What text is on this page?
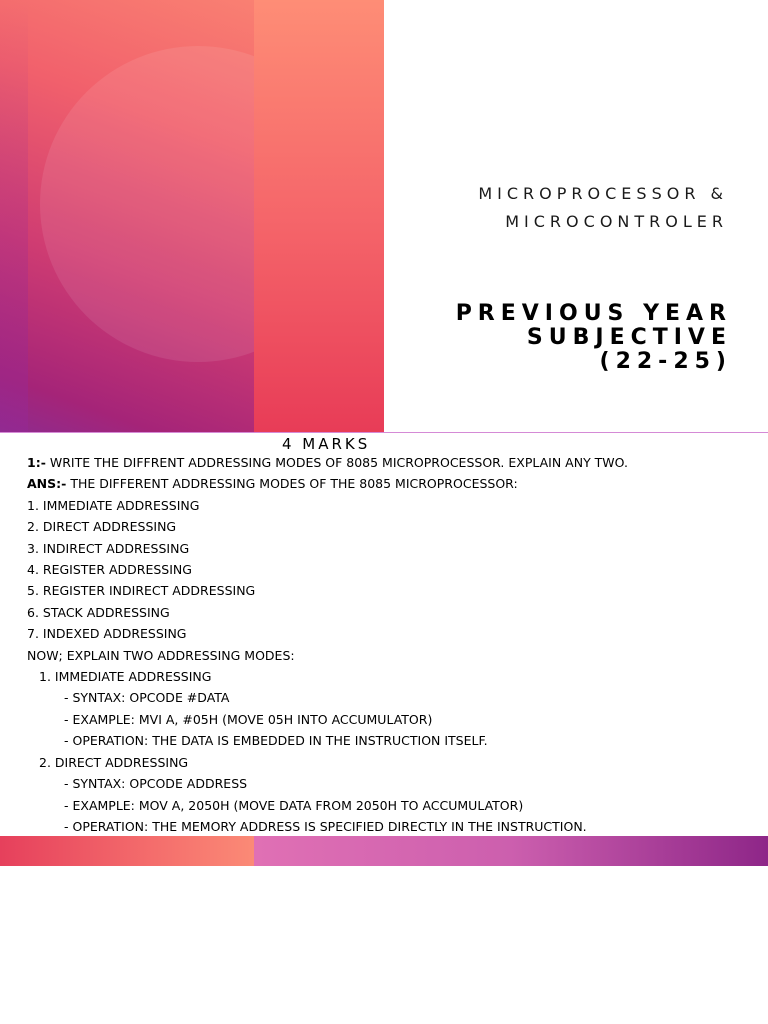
MICROPROCESSOR &
MICROCONTROLER
PREVIOUS YEAR
SUBJECTIVE
(22-25)
4 MARKS
1:- WRITE THE DIFFRENT ADDRESSING MODES OF 8085 MICROPROCESSOR. EXPLAIN ANY TWO.
ANS:- THE DIFFERENT ADDRESSING MODES OF THE 8085 MICROPROCESSOR:
1. IMMEDIATE ADDRESSING
2. DIRECT ADDRESSING
3. INDIRECT ADDRESSING
4. REGISTER ADDRESSING
5. REGISTER INDIRECT ADDRESSING
6. STACK ADDRESSING
7. INDEXED ADDRESSING
NOW; EXPLAIN TWO ADDRESSING MODES:
1. IMMEDIATE ADDRESSING
- SYNTAX: OPCODE #DATA
- EXAMPLE: MVI A, #05H (MOVE 05H INTO ACCUMULATOR)
- OPERATION: THE DATA IS EMBEDDED IN THE INSTRUCTION ITSELF.
2. DIRECT ADDRESSING
- SYNTAX: OPCODE ADDRESS
- EXAMPLE: MOV A, 2050H (MOVE DATA FROM 2050H TO ACCUMULATOR)
- OPERATION: THE MEMORY ADDRESS IS SPECIFIED DIRECTLY IN THE INSTRUCTION.
